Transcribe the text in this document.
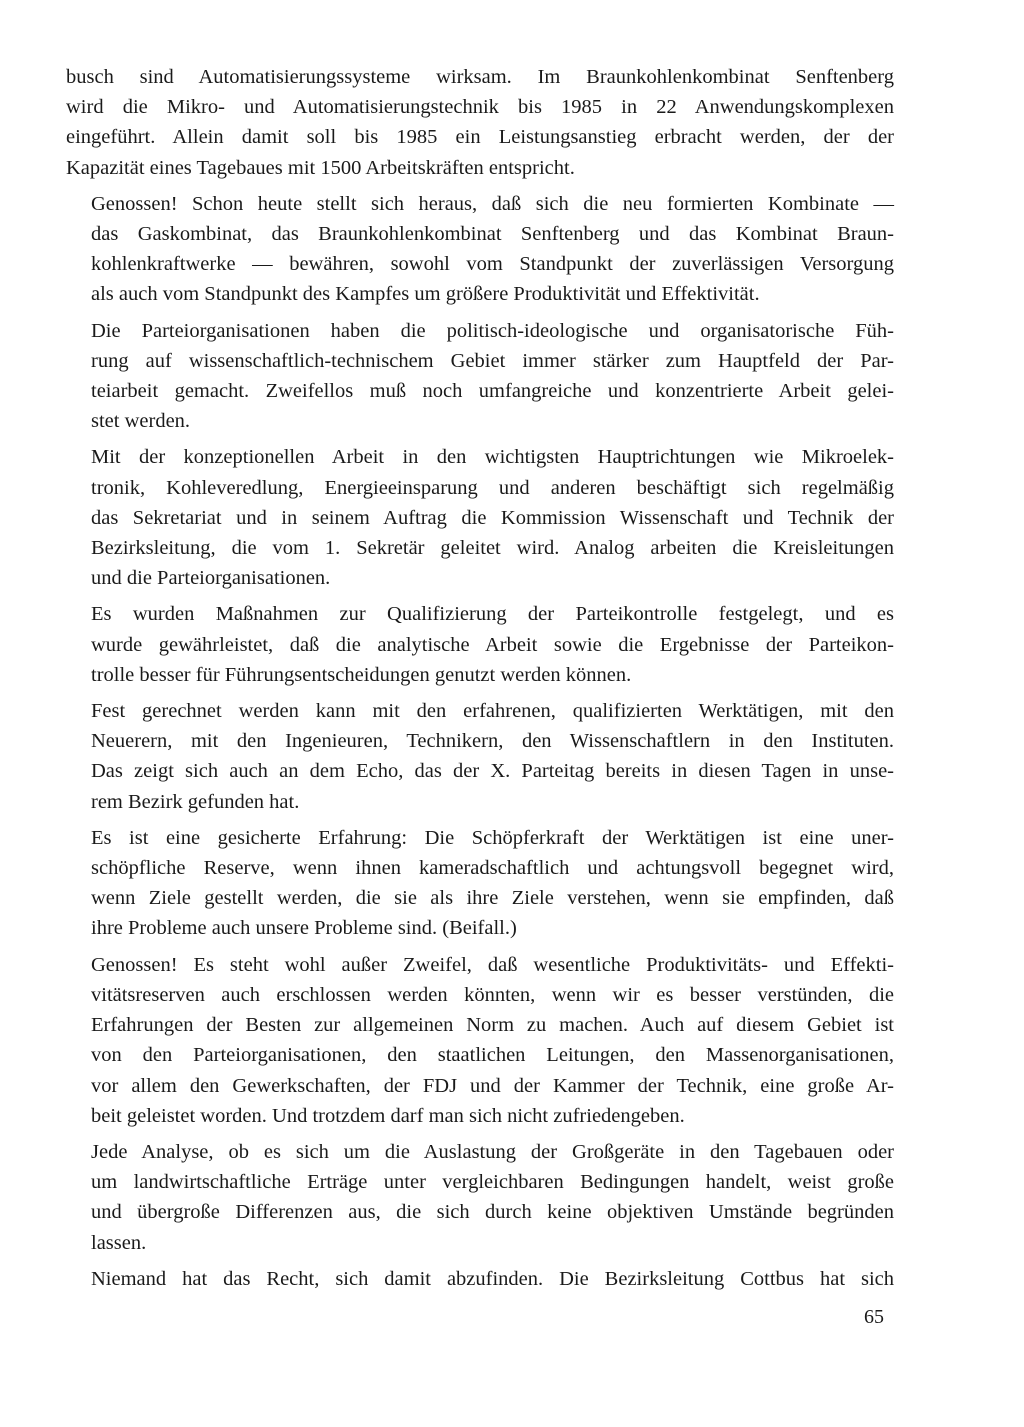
busch sind Automatisierungssysteme wirksam. Im Braunkohlenkombinat Senftenberg
wird die Mikro- und Automatisierungstechnik bis 1985 in 22 Anwendungskomplexen
eingeführt. Allein damit soll bis 1985 ein Leistungsanstieg erbracht werden, der der
Kapazität eines Tagebaues mit 1500 Arbeitskräften entspricht.

Genossen! Schon heute stellt sich heraus, daß sich die neu formierten Kombinate —
das Gaskombinat, das Braunkohlenkombinat Senftenberg und das Kombinat Braun-
kohlenkraftwerke — bewähren, sowohl vom Standpunkt der zuverlässigen Versorgung
als auch vom Standpunkt des Kampfes um größere Produktivität und Effektivität.

Die Parteiorganisationen haben die politisch-ideologische und organisatorische Füh-
rung auf wissenschaftlich-technischem Gebiet immer stärker zum Hauptfeld der Par-
teiarbeit gemacht. Zweifellos muß noch umfangreiche und konzentrierte Arbeit gelei-
stet werden.

Mit der konzeptionellen Arbeit in den wichtigsten Hauptrichtungen wie Mikroelek-
tronik, Kohleveredlung, Energieeinsparung und anderen beschäftigt sich regelmäßig
das Sekretariat und in seinem Auftrag die Kommission Wissenschaft und Technik der
Bezirksleitung, die vom 1. Sekretär geleitet wird. Analog arbeiten die Kreisleitungen
und die Parteiorganisationen.

Es wurden Maßnahmen zur Qualifizierung der Parteikontrolle festgelegt, und es
wurde gewährleistet, daß die analytische Arbeit sowie die Ergebnisse der Parteikon-
trolle besser für Führungsentscheidungen genutzt werden können.

Fest gerechnet werden kann mit den erfahrenen, qualifizierten Werktätigen, mit den
Neuerern, mit den Ingenieuren, Technikern, den Wissenschaftlern in den Instituten.
Das zeigt sich auch an dem Echo, das der X. Parteitag bereits in diesen Tagen in unse-
rem Bezirk gefunden hat.

Es ist eine gesicherte Erfahrung: Die Schöpferkraft der Werktätigen ist eine uner-
schöpfliche Reserve, wenn ihnen kameradschaftlich und achtungsvoll begegnet wird,
wenn Ziele gestellt werden, die sie als ihre Ziele verstehen, wenn sie empfinden, daß
ihre Probleme auch unsere Probleme sind. (Beifall.)

Genossen! Es steht wohl außer Zweifel, daß wesentliche Produktivitäts- und Effekti-
vitätsreserven auch erschlossen werden könnten, wenn wir es besser verstünden, die
Erfahrungen der Besten zur allgemeinen Norm zu machen. Auch auf diesem Gebiet ist
von den Parteiorganisationen, den staatlichen Leitungen, den Massenorganisationen,
vor allem den Gewerkschaften, der FDJ und der Kammer der Technik, eine große Ar-
beit geleistet worden. Und trotzdem darf man sich nicht zufriedengeben.

Jede Analyse, ob es sich um die Auslastung der Großgeräte in den Tagebauen oder
um landwirtschaftliche Erträge unter vergleichbaren Bedingungen handelt, weist große
und übergroße Differenzen aus, die sich durch keine objektiven Umstände begründen
lassen.

Niemand hat das Recht, sich damit abzufinden. Die Bezirksleitung Cottbus hat sich

65
